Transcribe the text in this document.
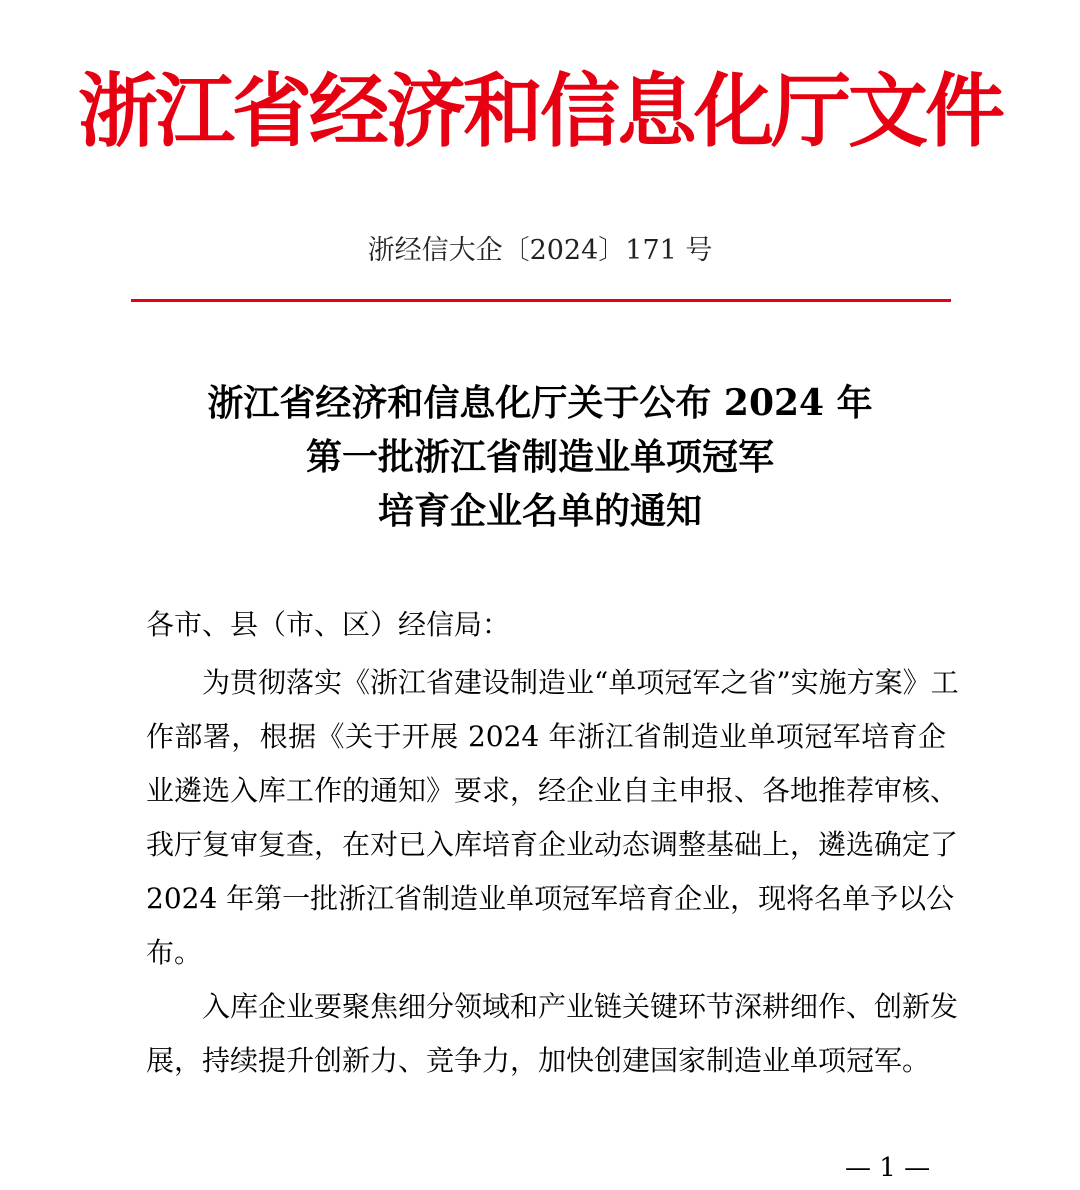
浙江省经济和信息化厅文件
浙经信大企〔2024〕171 号
浙江省经济和信息化厅关于公布 2024 年
第一批浙江省制造业单项冠军
培育企业名单的通知
各市、县（市、区）经信局：
为贯彻落实《浙江省建设制造业“单项冠军之省”实施方案》工
作部署，根据《关于开展 2024 年浙江省制造业单项冠军培育企
业遴选入库工作的通知》要求，经企业自主申报、各地推荐审核、
我厅复审复查，在对已入库培育企业动态调整基础上，遴选确定了
2024 年第一批浙江省制造业单项冠军培育企业，现将名单予以公
布。
入库企业要聚焦细分领域和产业链关键环节深耕细作、创新发
展，持续提升创新力、竞争力，加快创建国家制造业单项冠军。
— 1 —
